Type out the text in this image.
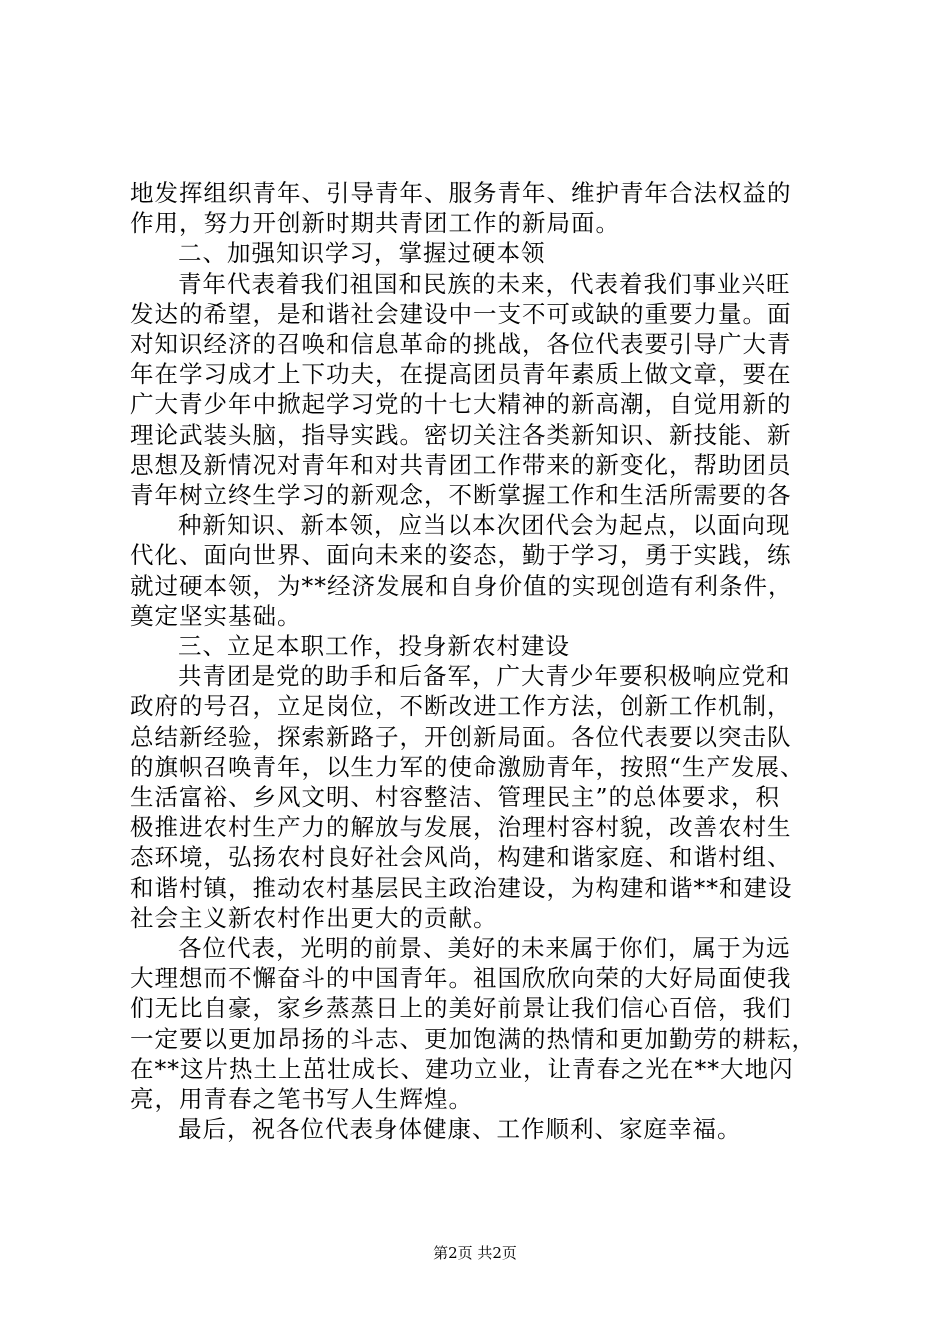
地发挥组织青年、引导青年、服务青年、维护青年合法权益的
作用，努力开创新时期共青团工作的新局面。
二、加强知识学习，掌握过硬本领
青年代表着我们祖国和民族的未来，代表着我们事业兴旺
发达的希望，是和谐社会建设中一支不可或缺的重要力量。面
对知识经济的召唤和信息革命的挑战，各位代表要引导广大青
年在学习成才上下功夫，在提高团员青年素质上做文章，要在
广大青少年中掀起学习党的十七大精神的新高潮，自觉用新的
理论武装头脑，指导实践。密切关注各类新知识、新技能、新
思想及新情况对青年和对共青团工作带来的新变化，帮助团员
青年树立终生学习的新观念，不断掌握工作和生活所需要的各
种新知识、新本领，应当以本次团代会为起点，以面向现
代化、面向世界、面向未来的姿态，勤于学习，勇于实践，练
就过硬本领，为**经济发展和自身价值的实现创造有利条件，
奠定坚实基础。
三、立足本职工作，投身新农村建设
共青团是党的助手和后备军，广大青少年要积极响应党和
政府的号召，立足岗位，不断改进工作方法，创新工作机制，
总结新经验，探索新路子，开创新局面。各位代表要以突击队
的旗帜召唤青年，以生力军的使命激励青年，按照“生产发展、
生活富裕、乡风文明、村容整洁、管理民主”的总体要求，积
极推进农村生产力的解放与发展，治理村容村貌，改善农村生
态环境，弘扬农村良好社会风尚，构建和谐家庭、和谐村组、
和谐村镇，推动农村基层民主政治建设，为构建和谐**和建设
社会主义新农村作出更大的贡献。
各位代表，光明的前景、美好的未来属于你们，属于为远
大理想而不懈奋斗的中国青年。祖国欣欣向荣的大好局面使我
们无比自豪，家乡蒸蒸日上的美好前景让我们信心百倍，我们
一定要以更加昂扬的斗志、更加饱满的热情和更加勤劳的耕耘，
在**这片热土上茁壮成长、建功立业，让青春之光在**大地闪
亮，用青春之笔书写人生辉煌。
最后，祝各位代表身体健康、工作顺利、家庭幸福。
第2页 共2页
